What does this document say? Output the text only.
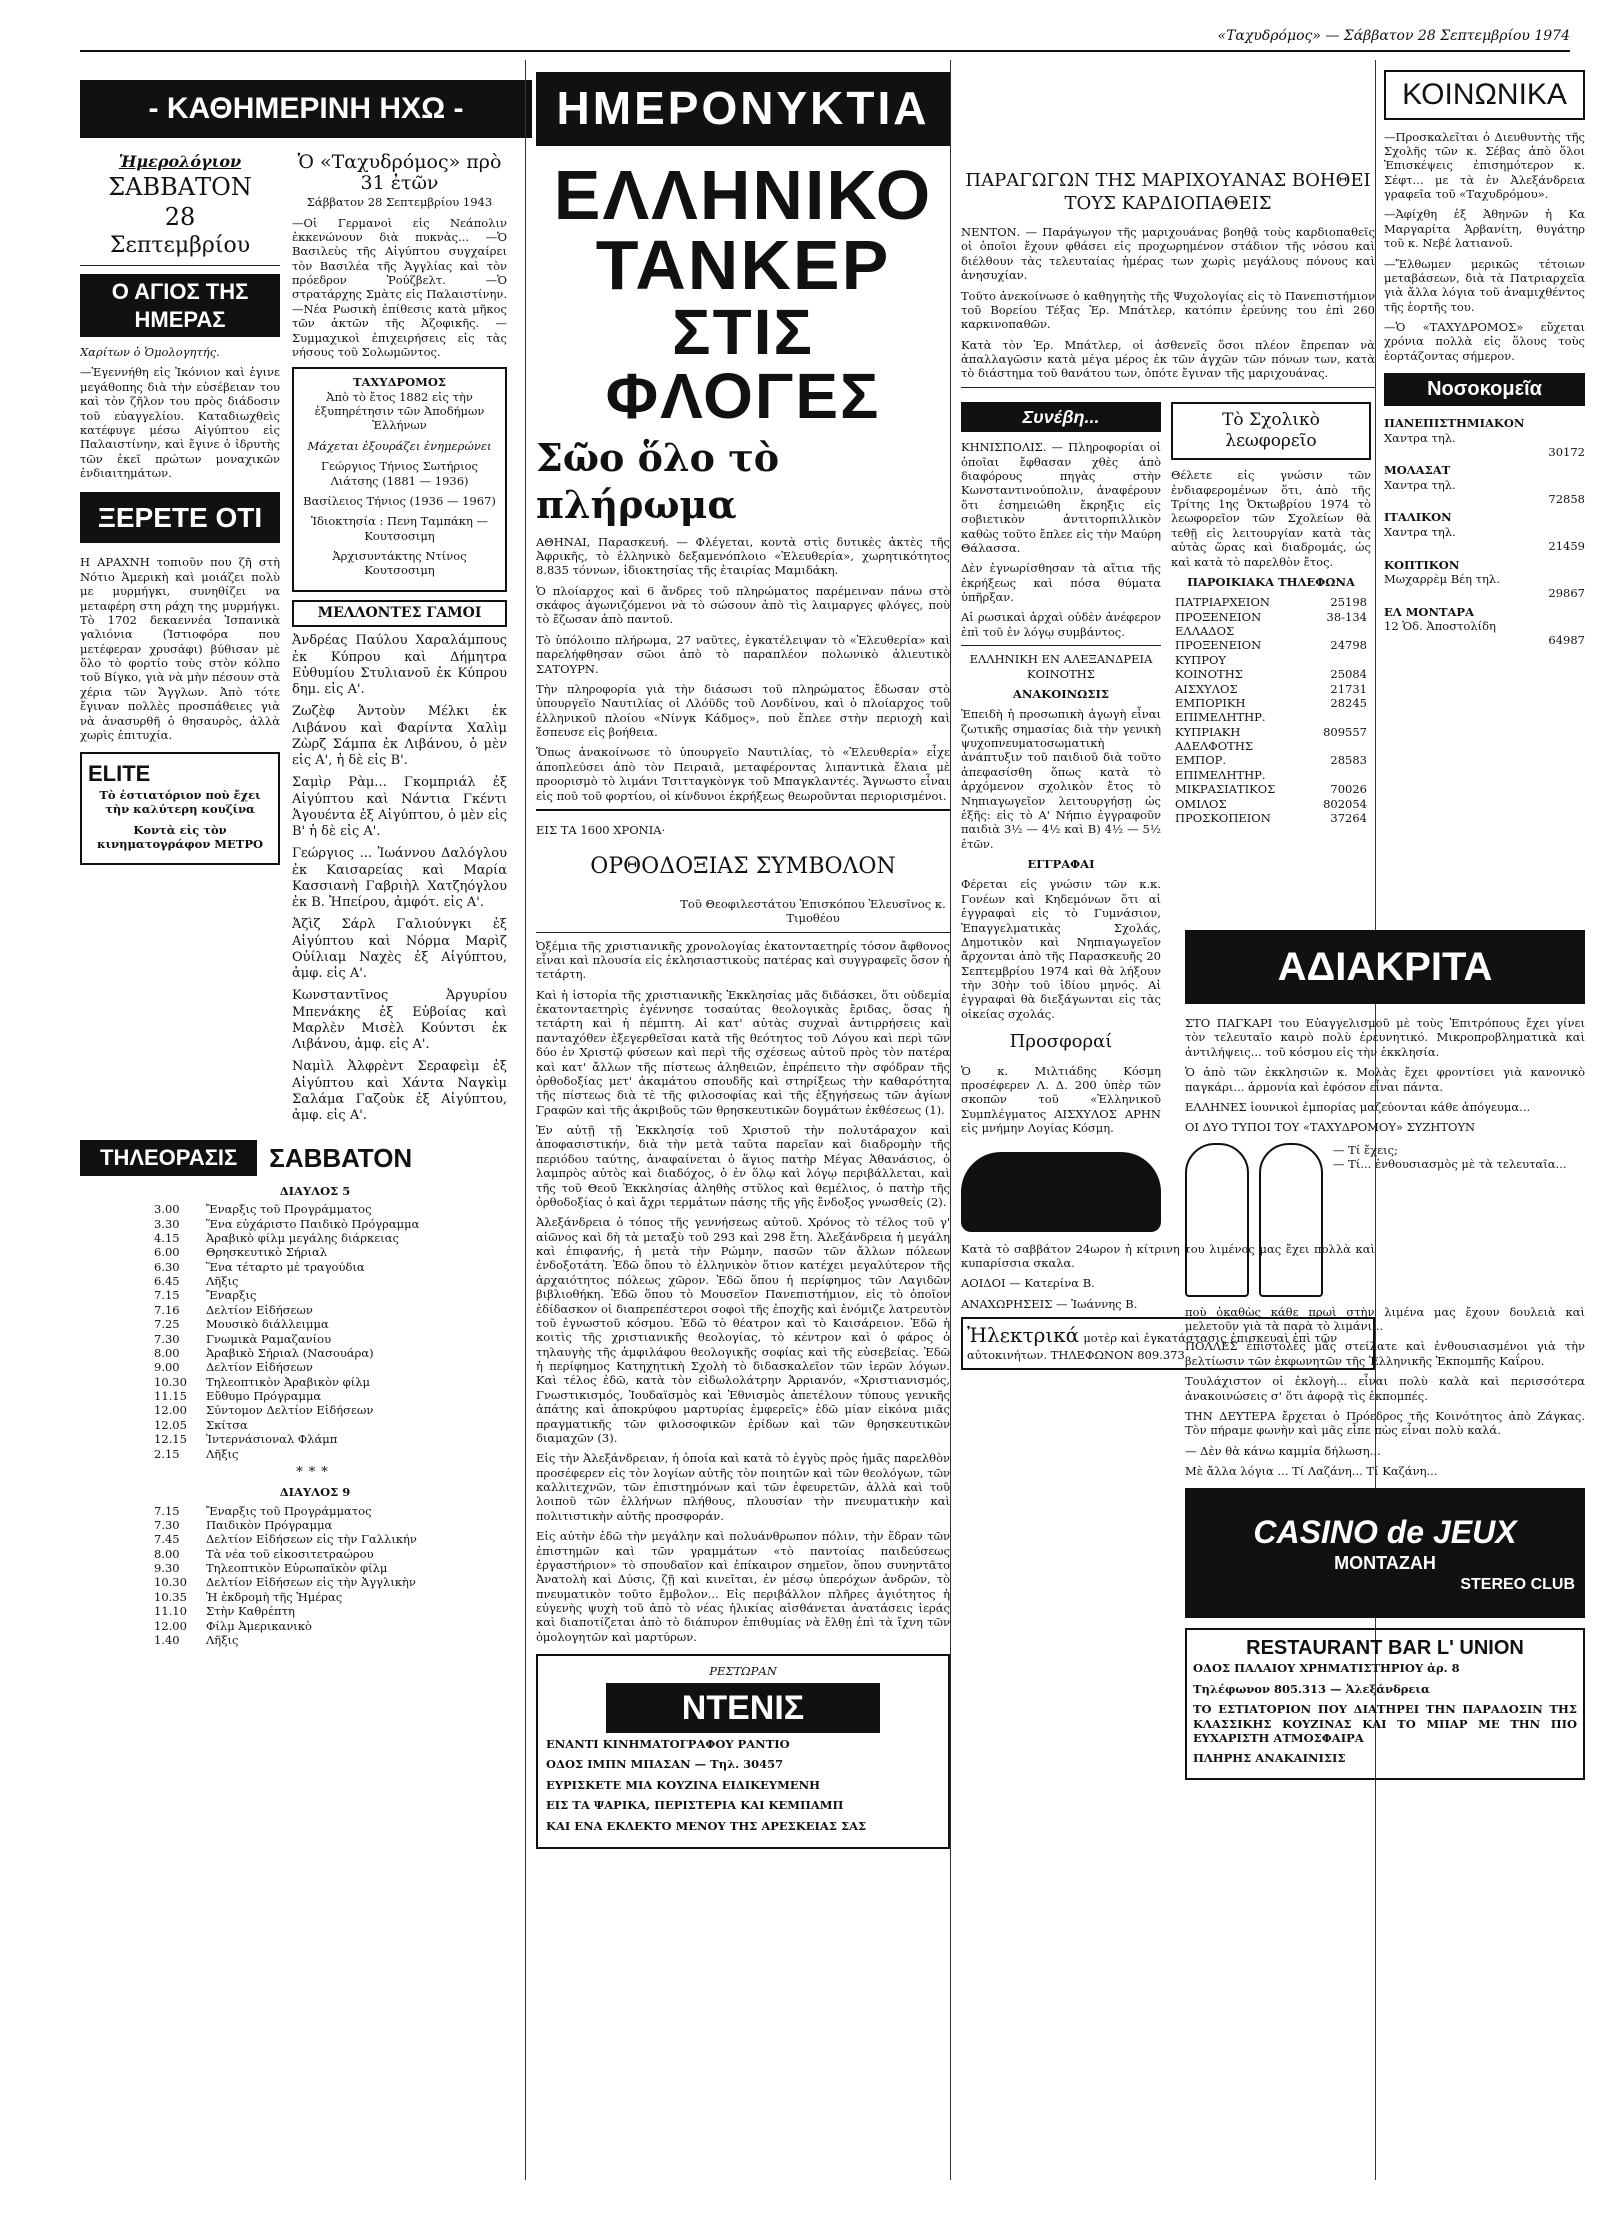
«Ταχυδρόμος» — Σάββατον 28 Σεπτεμβρίου 1974
- ΚΑΘΗΜΕΡΙΝΗ ΗΧΩ -
Ἡμερολόγιον
ΣΑΒΒΑΤΟΝ
28
Σεπτεμβρίου
Ο ΑΓΙΟΣ ΤΗΣ ΗΜΕΡΑΣ

Χαρίτων ὁ Ὁμολογητής.

—Ἐγεννήθη εἰς Ἰκόνιον καὶ ἐγινε μεγάθοπης διὰ τὴν εὐσέβειαν του καὶ τὸν ζῆλον του πρὸς διάδοσιν τοῦ εὐαγγελίου. Καταδιωχθεὶς κατέφυγε μέσω Αἰγύπτου εἰς Παλαιστίνην, καὶ ἔγινε ὁ ἱδρυτὴς τῶν ἐκεῖ πρώτων μοναχικῶν ἐνδιαιτημάτων.

ΞΕΡΕΤΕ ΟΤΙ

Η ΑΡΑΧΝΗ τοπιοῦν που ζῆ στὴ Νότιο Ἀμερικὴ καὶ μοιάζει πολὺ με μυρμήγκι, συνηθίζει να μεταφέρη στη ράχη της μυρμήγκι. Τὸ 1702 δεκαεννέα Ἱσπανικὰ γαλιόνια (Ἰστιοφόρα που μετέφεραν χρυσάφι) βύθισαν μὲ ὅλο τὸ φορτίο τοὺς στὸν κόλπο τοῦ Βίγκο, γιὰ νὰ μὴν πέσουν στὰ χέρια τῶν Ἄγγλων. Ἀπὸ τότε ἔγιναν πολλὲς προσπάθειες γιὰ νὰ ἀνασυρθῆ ὁ θησαυρὸς, ἀλλὰ χωρὶς ἐπιτυχία.

ELITE

Τὸ ἑστιατόριον ποὺ ἔχει τὴν καλύτερη κουζίνα

Κοντὰ εἰς τὸν κινηματογράφον ΜΕΤΡΟ

Ὁ «Ταχυδρόμος» πρὸ 31 ἐτῶν

Σάββατον 28 Σεπτεμβρίου 1943

—Οἱ Γερμανοὶ εἰς Νεάπολιν ἐκκενώνουν διὰ πυκνὰς... —Ὁ Βασιλεὺς τῆς Αἰγύπτου συγχαίρει τὸν Βασιλέα τῆς Ἀγγλίας καὶ τὸν πρόεδρον Ῥούζβελτ. —Ὁ στρατάρχης Σμὰτς εἰς Παλαιστίνην. —Νέα Ρωσικὴ ἐπίθεσις κατὰ μῆκος τῶν ἀκτῶν τῆς Ἀζοφικῆς. —Συμμαχικοὶ ἐπιχειρήσεις εἰς τὰς νήσους τοῦ Σολωμῶντος.

ΤΑΧΥΔΡΟΜΟΣ

Ἀπὸ τὸ ἔτος 1882 εἰς τὴν ἐξυπηρέτησιν τῶν Ἀποδήμων Ἑλλήνων

Μάχεται ἐξουράζει ἐνημερώνει

Γεώργιος Τήνιος Σωτήριος Λιάτσης (1881 — 1936)

Βασίλειος Τήνιος (1936 — 1967)

Ἰδιοκτησία : Πενη Ταμπάκη — Κουτσοσιμη

Ἀρχισυντάκτης Ντίνος Κουτσοσιμη

ΜΕΛΛΟΝΤΕΣ ΓΑΜΟΙ

Ἀνδρέας Παύλου Χαραλάμπους ἐκ Κύπρου καὶ Δήμητρα Εὐθυμίου Στυλιανοῦ ἐκ Κύπρου δημ. εἰς Α'.

Ζωζὲφ Ἀντοὺν Μέλκι ἐκ Λιβάνου καὶ Φαρίντα Χαλὶμ Ζὼρζ Σάμπα ἐκ Λιβάνου, ὁ μὲν εἰς Α', ἡ δὲ εἰς Β'.

Σαμὶρ Ρὰμ... Γκομπριάλ ἐξ Αἰγύπτου καὶ Νάντια Γκέντι Ἀγουέντα ἐξ Αἰγύπτου, ὁ μὲν εἰς Β' ἡ δὲ εἰς Α'.

Γεώργιος ... Ἰωάννου Δαλόγλου ἐκ Καισαρείας καὶ Μαρία Κασσιανὴ Γαβριὴλ Χατζηόγλου ἐκ Β. Ἠπείρου, ἀμφότ. εἰς Α'.

Ἀζὶζ Σάρλ Γαλιούνγκι ἐξ Αἰγύπτου καὶ Νόρμα Μαρὶζ Οὐίλιαμ Ναχὲς ἐξ Αἰγύπτου, ἀμφ. εἰς Α'.

Κωνσταντῖνος Ἀργυρίου Μπενάκης ἐξ Εὐβοίας καὶ Μαρλὲν Μισὲλ Κούντσι ἐκ Λιβάνου, ἀμφ. εἰς Α'.

Ναμὶλ Ἀλφρὲντ Σεραφεὶμ ἐξ Αἰγύπτου καὶ Χάντα Ναγκὶμ Σαλάμα Γαζοὺκ ἐξ Αἰγύπτου, ἀμφ. εἰς Α'.

ΤΗΛΕΟΡΑΣΙΣ	ΣΑΒΒΑΤΟΝ
ΔΙΑΥΛΟΣ 5
3.00	Ἔναρξις τοῦ Προγράμματος
3.30	Ἕνα εὐχάριστο Παιδικὸ Πρόγραμμα
4.15	Ἀραβικὸ φίλμ μεγάλης διάρκειας
6.00	Θρησκευτικὸ Σήριαλ
6.30	Ἕνα τέταρτο μὲ τραγούδια
6.45	Λῆξις
7.15	Ἔναρξις
7.16	Δελτίον Εἰδήσεων
7.25	Μουσικὸ διάλλειμμα
7.30	Γνωμικὰ Ραμαζανίου
8.00	Ἀραβικὸ Σήριαλ (Νασουάρα)
9.00	Δελτίον Εἰδήσεων
10.30	Τηλεοπτικὸν Ἀραβικὸν φίλμ
11.15	Εὔθυμο Πρόγραμμα
12.00	Σύντομον Δελτίον Εἰδήσεων
12.05	Σκίτσα
12.15	Ἰντερνάσιοναλ Φλάμπ
2.15	Λῆξις
***
ΔΙΑΥΛΟΣ 9
7.15	Ἔναρξις τοῦ Προγράμματος
7.30	Παιδικὸν Πρόγραμμα
7.45	Δελτίον Εἰδήσεων εἰς τὴν Γαλλικήν
8.00	Τὰ νέα τοῦ εἰκοσιτετραώρου
9.30	Τηλεοπτικὸν Εὐρωπαϊκὸν φίλμ
10.30	Δελτίον Εἰδήσεων εἰς τὴν Ἀγγλικὴν
10.35	Ἡ ἐκδρομὴ τῆς Ἡμέρας
11.10	Στὴν Καθρέπτη
12.00	Φίλμ Ἀμερικανικὸ
1.40	Λῆξις
ΗΜΕΡΟΝΥΚΤΙΑ
ΕΛΛΗΝΙΚΟ
ΤΑΝΚΕΡ
ΣΤΙΣ ΦΛΟΓΕΣ
Σῶο ὅλο τὸ πλήρωμα

ΑΘΗΝΑΙ, Παρασκευή. — Φλέγεται, κοντὰ στὶς δυτικὲς ἀκτὲς τῆς Ἀφρικῆς, τὸ ἑλληνικὸ δεξαμενόπλοιο «Ἐλευθερία», χωρητικότητος 8.835 τόννων, ἰδιοκτησίας τῆς ἑταιρίας Μαμιδάκη.

Ὁ πλοίαρχος καὶ 6 ἄνδρες τοῦ πληρώματος παρέμειναν πάνω στὸ σκάφος ἀγωνιζόμενοι νὰ τὸ σώσουν ἀπὸ τὶς λαιμαργες φλόγες, ποὺ τὸ ἔζωσαν ἀπὸ παντοῦ.

Τὸ ὑπόλοιπο πλήρωμα, 27 ναῦτες, ἐγκατέλειψαν τὸ «Ἐλευθερία» καὶ παρελήφθησαν σῶοι ἀπὸ τὸ παραπλέον πολωνικὸ ἁλιευτικὸ ΣΑΤΟΥΡΝ.

Τὴν πληροφορία γιὰ τὴν διάσωσι τοῦ πληρώματος ἔδωσαν στὸ ὑπουργεῖο Ναυτιλίας οἱ Λλόϋδς τοῦ Λονδίνου, καὶ ὁ πλοίαρχος τοῦ ἑλληνικοῦ πλοίου «Νίνγκ Κάδμος», ποὺ ἔπλεε στὴν περιοχὴ καὶ ἔσπευσε εἰς βοήθεια.

Ὅπως ἀνακοίνωσε τὸ ὑπουργεῖο Ναυτιλίας, τὸ «Ἐλευθερία» εἶχε ἀποπλεύσει ἀπὸ τὸν Πειραιᾶ, μεταφέροντας λιπαντικὰ ἔλαια μὲ προορισμὸ τὸ λιμάνι Τσιτταγκὸνγκ τοῦ Μπαγκλαντές. Ἄγνωστο εἶναι εἰς ποῦ τοῦ φορτίου, οἱ κίνδυνοι ἐκρήξεως θεωροῦνται περιορισμένοι.

ΕΙΣ ΤΑ 1600 ΧΡΟΝΙΑ·
ΟΡΘΟΔΟΞΙΑΣ ΣΥΜΒΟΛΟΝ
Τοῦ Θεοφιλεστάτου Ἐπισκόπου Ἐλευσῖνος κ. Τιμοθέου

Ὀξέμια τῆς χριστιανικῆς χρονολογίας ἑκατονταετηρίς τόσον ἄφθονος εἶναι καὶ πλουσία εἰς ἐκλησιαστικοὺς πατέρας καὶ συγγραφεῖς ὅσον ἡ τετάρτη.

Καὶ ἡ ἱστορία τῆς χριστιανικῆς Ἐκκλησίας μᾶς διδάσκει, ὅτι οὐδεμία ἑκατονταετηρὶς ἐγέννησε τοσαύτας θεολογικὰς ἔριδας, ὅσας ἡ τετάρτη καὶ ἡ πέμπτη. Αἱ κατ' αὐτὰς συχναὶ ἀντιρρήσεις καὶ πανταχόθεν ἐξεγερθεῖσαι κατὰ τῆς θεότητος τοῦ Λόγου καὶ περὶ τῶν δύο ἐν Χριστῷ φύσεων καὶ περὶ τῆς σχέσεως αὐτοῦ πρὸς τὸν πατέρα καὶ κατ' ἄλλων τῆς πίστεως ἀληθειῶν, ἐπρέπειτο τὴν σφόδραν τῆς ὀρθοδοξίας μετ' ἀκαμάτου σπουδῆς καὶ στηρίξεως τὴν καθαρότητα τῆς πίστεως διὰ τὲ τῆς φιλοσοφίας καὶ τῆς ἐξηγήσεως τῶν ἁγίων Γραφῶν καὶ τῆς ἀκριβοῦς τῶν θρησκευτικῶν δογμάτων ἐκθέσεως (1).

Ἐν αὐτῇ τῇ Ἐκκλησίᾳ τοῦ Χριστοῦ τὴν πολυτάραχον καὶ ἀποφασιστικήν, διὰ τὴν μετὰ ταῦτα παρεῖαν καὶ διαδρομὴν τῆς περιόδου ταύτης, ἀναφαίνεται ὁ ἅγιος πατὴρ Μέγας Ἀθανάσιος, ὁ λαμπρὸς αὐτὸς καὶ διαδόχος, ὁ ἐν ὅλῳ καὶ λόγῳ περιβάλλεται, καὶ τῆς τοῦ Θεοῦ Ἐκκλησίας ἀληθὴς στῦλος καὶ θεμέλιος, ὁ πατὴρ τῆς ὀρθοδοξίας ὁ καὶ ἄχρι τερμάτων πάσης τῆς γῆς ἔνδοξος γνωσθείς (2).

Ἀλεξάνδρεια ὁ τόπος τῆς γεννήσεως αὐτοῦ. Χρόνος τὸ τέλος τοῦ γ' αἰῶνος καὶ δὴ τὰ μεταξὺ τοῦ 293 καὶ 298 ἔτη. Ἀλεξάνδρεια ἡ μεγάλη καὶ ἐπιφανής, ἡ μετὰ τὴν Ρώμην, πασῶν τῶν ἄλλων πόλεων ἐνδοξοτάτη. Ἐδῶ ὅπου τὸ ἑλληνικὸν ὅτιον κατέχει μεγαλύτερον τῆς ἀρχαιότητος πόλεως χῶρον. Ἐδῶ ὅπου ἡ περίφημος τῶν Λαγιδῶν βιβλιοθήκη. Ἐδῶ ὅπου τὸ Μουσεῖον Πανεπιστήμιον, εἰς τὸ ὁποῖον ἐδίδασκον οἱ διαπρεπέστεροι σοφοὶ τῆς ἐποχῆς καὶ ἐνόμιζε λατρευτὸν τοῦ ἐγνωστοῦ κόσμου. Ἐδῶ τὸ θέατρον καὶ τὸ Καισάρειον. Ἐδῶ ἡ κοιτὶς τῆς χριστιανικῆς θεολογίας, τὸ κέντρον καὶ ὁ φάρος ὁ τηλαυγὴς τῆς ἀμφιλάφου θεολογικῆς σοφίας καὶ τῆς εὐσεβείας. Ἐδῶ ἡ περίφημος Κατηχητικὴ Σχολὴ τὸ διδασκαλεῖον τῶν ἱερῶν λόγων. Καὶ τέλος ἐδῶ, κατὰ τὸν εἰδωλολάτρην Ἀρριανόν, «Χριστιανισμός, Γνωστικισμός, Ἰουδαϊσμὸς καὶ Ἐθνισμὸς ἀπετέλουν τύπους γενικῆς ἀπάτης καὶ ἀποκρύφου μαρτυρίας ἐμφερεῖς» ἐδῶ μίαν εἰκόνα μιᾶς πραγματικῆς τῶν φιλοσοφικῶν ἐρίδων καὶ τῶν θρησκευτικῶν διαμαχῶν (3).

Εἰς τὴν Ἀλεξάνδρειαν, ἡ ὁποία καὶ κατὰ τὸ ἐγγὺς πρὸς ἡμᾶς παρελθὸν προσέφερεν εἰς τὸν λογίων αὐτῆς τὸν ποιητῶν καὶ τῶν θεολόγων, τῶν καλλιτεχνῶν, τῶν ἐπιστημόνων καὶ τῶν ἐφευρετῶν, ἀλλὰ καὶ τοῦ λοιποῦ τῶν ἑλλήνων πλήθους, πλουσίαν τὴν πνευματικὴν καὶ πολιτιστικὴν αὐτῆς προσφοράν.

Εἰς αὐτὴν ἐδῶ τὴν μεγάλην καὶ πολυάνθρωπον πόλιν, τὴν ἕδραν τῶν ἐπιστημῶν καὶ τῶν γραμμάτων «τὸ παντοίας παιδεύσεως ἐργαστήριον» τὸ σπουδαῖον καὶ ἐπίκαιρον σημεῖον, ὅπου συνηντᾶτο Ἀνατολὴ καὶ Δύσις, ζῇ καὶ κινεῖται, ἐν μέσῳ ὑπερόχων ἀνδρῶν, τὸ πνευματικὸν τοῦτο ἔμβολον... Εἰς περιβάλλον πλῆρες ἀγιότητος ἡ εὐγενὴς ψυχὴ τοῦ ἀπὸ τὸ νέας ἡλικίας αἰσθάνεται ἀνατάσεις ἱεράς καὶ διαποτίζεται ἀπὸ τὸ διάπυρον ἐπιθυμίας νὰ ἔλθῃ ἐπὶ τὰ ἴχνη τῶν ὁμολογητῶν καὶ μαρτύρων.

ΡΕΣΤΩΡΑΝ
ΝΤΕΝΙΣ

ΕΝΑΝΤΙ ΚΙΝΗΜΑΤΟΓΡΑΦΟΥ ΡΑΝΤΙΟ

ΟΔΟΣ ΙΜΠΝ ΜΠΑΣΑΝ — Τηλ. 30457

ΕΥΡΙΣΚΕΤΕ ΜΙΑ ΚΟΥΖΙΝΑ ΕΙΔΙΚΕΥΜΕΝΗ

ΕΙΣ ΤΑ ΨΑΡΙΚΑ, ΠΕΡΙΣΤΕΡΙΑ ΚΑΙ ΚΕΜΠΑΜΠ

ΚΑΙ ΕΝΑ ΕΚΛΕΚΤΟ ΜΕΝΟΥ ΤΗΣ ΑΡΕΣΚΕΙΑΣ ΣΑΣ

ΠΑΡΑΓΩΓΩΝ ΤΗΣ ΜΑΡΙΧΟΥΑΝΑΣ ΒΟΗΘΕΙ ΤΟΥΣ ΚΑΡΔΙΟΠΑΘΕΙΣ

ΝΕΝΤΟΝ. — Παράγωγον τῆς μαριχουάνας βοηθᾷ τοὺς καρδιοπαθεῖς οἱ ὁποῖοι ἔχουν φθάσει εἰς προχωρημένον στάδιον τῆς νόσου καὶ διέλθουν τὰς τελευταίας ἡμέρας των χωρὶς μεγάλους πόνους καὶ ἀνησυχίαν.

Τοῦτο ἀνεκοίνωσε ὁ καθηγητὴς τῆς Ψυχολογίας εἰς τὸ Πανεπιστήμιον τοῦ Βορείου Τέξας Ἐρ. Μπάτλερ, κατόπιν ἐρεύνης του ἐπὶ 260 καρκινοπαθῶν.

Κατὰ τὸν Ἐρ. Μπάτλερ, οἱ ἀσθενεῖς ὅσοι πλέον ἔπρεπαν νὰ ἀπαλλαγῶσιν κατὰ μέγα μέρος ἐκ τῶν ἀγχῶν τῶν πόνων των, κατὰ τὸ διάστημα τοῦ θανάτου των, ὁπότε ἔγιναν τῆς μαριχουάνας.

Συνέβη...

ΚΗΝΙΣΠΟΛΙΣ. — Πληροφορίαι οἱ ὁποῖαι ἔφθασαν χθὲς ἀπὸ διαφόρους πηγὰς στὴν Κωνσταντινούπολιν, ἀναφέρουν ὅτι ἐσημειώθη ἔκρηξις εἰς σοβιετικὸν ἀντιτορπιλλικὸν καθὼς τοῦτο ἔπλεε εἰς τὴν Μαύρη Θάλασσα.

Δὲν ἐγνωρίσθησαν τὰ αἴτια τῆς ἐκρήξεως καὶ πόσα θύματα ὑπῆρξαν.

Αἱ ρωσικαὶ ἀρχαὶ οὐδὲν ἀνέφερον ἐπὶ τοῦ ἐν λόγῳ συμβάντος.

ΕΛΛΗΝΙΚΗ ΕΝ ΑΛΕΞΑΝΔΡΕΙΑ ΚΟΙΝΟΤΗΣ
ΑΝΑΚΟΙΝΩΣΙΣ

Ἐπειδὴ ἡ προσωπικὴ ἀγωγὴ εἶναι ζωτικῆς σημασίας διὰ τὴν γενικὴ ψυχοπνευματοσωματικὴ ἀνάπτυξιν τοῦ παιδιοῦ διὰ τοῦτο ἀπεφασίσθη ὅπως κατὰ τὸ ἀρχόμενον σχολικὸν ἔτος τὸ Νηπιαγωγεῖον λειτουργήσῃ ὡς ἐξῆς: εἰς τὸ Α' Νήπιο ἐγγραφοῦν παιδιὰ 3½ — 4½ καὶ Β) 4½ — 5½ ἐτῶν.

ΕΓΓΡΑΦΑΙ

Φέρεται εἰς γνώσιν τῶν κ.κ. Γονέων καὶ Κηδεμόνων ὅτι αἱ ἐγγραφαὶ εἰς τὸ Γυμνάσιον, Ἐπαγγελματικὰς Σχολάς, Δημοτικὸν καὶ Νηπιαγωγεῖον ἄρχονται ἀπὸ τῆς Παρασκευῆς 20 Σεπτεμβρίου 1974 καὶ θὰ λήξουν τὴν 30ὴν τοῦ ἰδίου μηνός. Αἱ ἐγγραφαὶ θὰ διεξάγωνται εἰς τὰς οἰκείας σχολάς.

Προσφοραί

Ὁ κ. Μιλτιάδης Κόσμη προσέφερεν Λ. Δ. 200 ὑπὲρ τῶν σκοπῶν τοῦ «Ἑλληνικοῦ Συμπλέγματος ΑΙΣΧΥΛΟΣ ΑΡΗΝ εἰς μνήμην Λογίας Κόσμη.

Τὸ Σχολικὸ λεωφορεῖο

Θέλετε εἰς γνώσιν τῶν ἐνδιαφερομένων ὅτι, ἀπὸ τῆς Τρίτης 1ης Ὀκτωβρίου 1974 τὸ λεωφορεῖον τῶν Σχολείων θὰ τεθῇ εἰς λειτουργίαν κατὰ τὰς αὐτὰς ὥρας καὶ διαδρομάς, ὡς καὶ κατὰ τὸ παρελθὸν ἔτος.

ΠΑΡΟΙΚΙΑΚΑ ΤΗΛΕΦΩΝΑ
ΠΑΤΡΙΑΡΧΕΙΟΝ	25198
ΠΡΟΞΕΝΕΙΟΝ ΕΛΛΑΔΟΣ	38-134
ΠΡΟΞΕΝΕΙΟΝ ΚΥΠΡΟΥ	24798
ΚΟΙΝΟΤΗΣ	25084
ΑΙΣΧΥΛΟΣ	21731
ΕΜΠΟΡΙΚΗ ΕΠΙΜΕΛΗΤΗΡ.	28245
ΚΥΠΡΙΑΚΗ ΑΔΕΛΦΟΤΗΣ	809557
ΕΜΠΟΡ. ΕΠΙΜΕΛΗΤΗΡ.	28583
ΜΙΚΡΑΣΙΑΤΙΚΟΣ	70026
ΟΜΙΛΟΣ	802054
ΠΡΟΣΚΟΠΕΙΟΝ	37264

Κατὰ τὸ σαββάτον 24ωρον ἡ κίτρινη του λιμένος μας ἔχει πολλὰ καὶ κυπαρίσσια σκαλα.

ΑΟΙΔΟΙ — Κατερίνα Β.

ΑΝΑΧΩΡΗΣΕΙΣ — Ἰωάννης Β.

Ἠλεκτρικά μοτὲρ καὶ ἐγκατάστασις ἐπισκευαὶ ἐπὶ τῶν αὐτοκινήτων. ΤΗΛΕΦΩΝΟΝ 809.373
ΚΟΙΝΩΝΙΚΑ

—Προσκαλεῖται ὁ Διευθυντὴς τῆς Σχολῆς τῶν κ. Σέβας ἀπὸ ὅλοι Ἐπισκέψεις ἐπισημότερον κ. Σέφτ... με τὰ ἐν Ἀλεξάνδρεια γραφεῖα τοῦ «Ταχυδρόμου».

—Ἀφίχθη ἐξ Ἀθηνῶν ἡ Κα Μαργαρίτα Ἀρβανίτη, θυγάτηρ τοῦ κ. Νεβέ λατιανοῦ.

—Ἔλθωμεν μερικῶς τέτοιων μεταβάσεων, διὰ τὰ Πατριαρχεῖα γιὰ ἄλλα λόγια τοῦ ἀναμιχθέντος τῆς ἑορτῆς του.

—Ὁ «ΤΑΧΥΔΡΟΜΟΣ» εὔχεται χρόνια πολλὰ εἰς ὅλους τοὺς ἑορτάζοντας σήμερον.

Νοσοκομεῖα
ΠΑΝΕΠΙΣΤΗΜΙΑΚΟΝ
Χαντρα τηλ.
30172
ΜΟΛΑΣΑΤ
Χαντρα τηλ.
72858
ΙΤΑΛΙΚΟΝ
Χαντρα τηλ.
21459
ΚΟΠΤΙΚΟΝ
Μωχαρρὲμ Βέη τηλ.
29867
ΕΛ ΜΟΝΤΑΡΑ
12 Ὁδ. Ἀποστολίδη
64987
ΑΔΙΑΚΡΙΤΑ

ΣΤΟ ΠΑΓΚΑΡΙ του Εὐαγγελισμοῦ μὲ τοὺς Ἐπιτρόπους ἔχει γίνει τὸν τελευταῖο καιρὸ πολὺ ἐρευνητικό. Μικροπροβληματικὰ καὶ ἀντιλήψεις... τοῦ κόσμου εἰς τὴν ἐκκλησία.

Ὁ ἀπὸ τῶν ἐκκλησιῶν κ. Μολὰς ἔχει φροντίσει γιὰ κανονικὸ παγκάρι... ἀρμονία καὶ ἐφόσον εἶναι πάντα.

ΕΛΛΗΝΕΣ ἰουνικοὶ ἐμπορίας μαζεύονται κάθε ἀπόγευμα...

ΟΙ ΔΥΟ ΤΥΠΟΙ ΤΟΥ «ΤΑΧΥΔΡΟΜΟΥ» ΣΥΖΗΤΟΥΝ

— Τί ἔχεις;
— Τί... ἐνθουσιασμὸς μὲ τὰ τελευταῖα...

ποὺ ὁκαθὼς κάθε πρωὶ στὴν λιμένα μας ἔχουν δουλειὰ καὶ μελετοῦν γιὰ τὰ παρὰ τὸ λιμάνι...

ΠΟΛΛΕΣ ἐπιστολὲς μᾶς στείλατε καὶ ἐνθουσιασμένοι γιὰ τὴν βελτίωσιν τῶν ἐκφωνητῶν τῆς Ἑλληνικῆς Ἐκπομπῆς Καΐρου.

Τουλάχιστον οἱ ἐκλογὴ... εἶναι πολὺ καλὰ καὶ περισσότερα ἀνακοινώσεις σ' ὅτι ἀφορᾷ τὶς ἐκπομπές.

ΤΗΝ ΔΕΥΤΕΡΑ ἔρχεται ὁ Πρόεδρος τῆς Κοινότητος ἀπὸ Ζάγκας. Τὸν πήραμε φωνὴν καὶ μᾶς εἶπε πὼς εἶναι πολὺ καλά.

— Δὲν θὰ κάνω καμμία δήλωση...

Μὲ ἄλλα λόγια ... Τί Λαζάνη... Τί Καζάνη...

CASINO de JEUX
ΜΟΝΤΑΖΑΗ
STEREO CLUB
RESTAURANT BAR L' UNION

ΟΔΟΣ ΠΑΛΑΙΟΥ ΧΡΗΜΑΤΙΣΤΗΡΙΟΥ ἀρ. 8

Τηλέφωνον 805.313 — Ἀλεξάνδρεια

ΤΟ ΕΣΤΙΑΤΟΡΙΟΝ ΠΟΥ ΔΙΑΤΗΡΕΙ ΤΗΝ ΠΑΡΑΔΟΣΙΝ ΤΗΣ ΚΛΑΣΣΙΚΗΣ ΚΟΥΖΙΝΑΣ ΚΑΙ ΤΟ ΜΠΑΡ ΜΕ ΤΗΝ ΠΙΟ ΕΥΧΑΡΙΣΤΗ ΑΤΜΟΣΦΑΙΡΑ

ΠΛΗΡΗΣ ΑΝΑΚΑΙΝΙΣΙΣ
